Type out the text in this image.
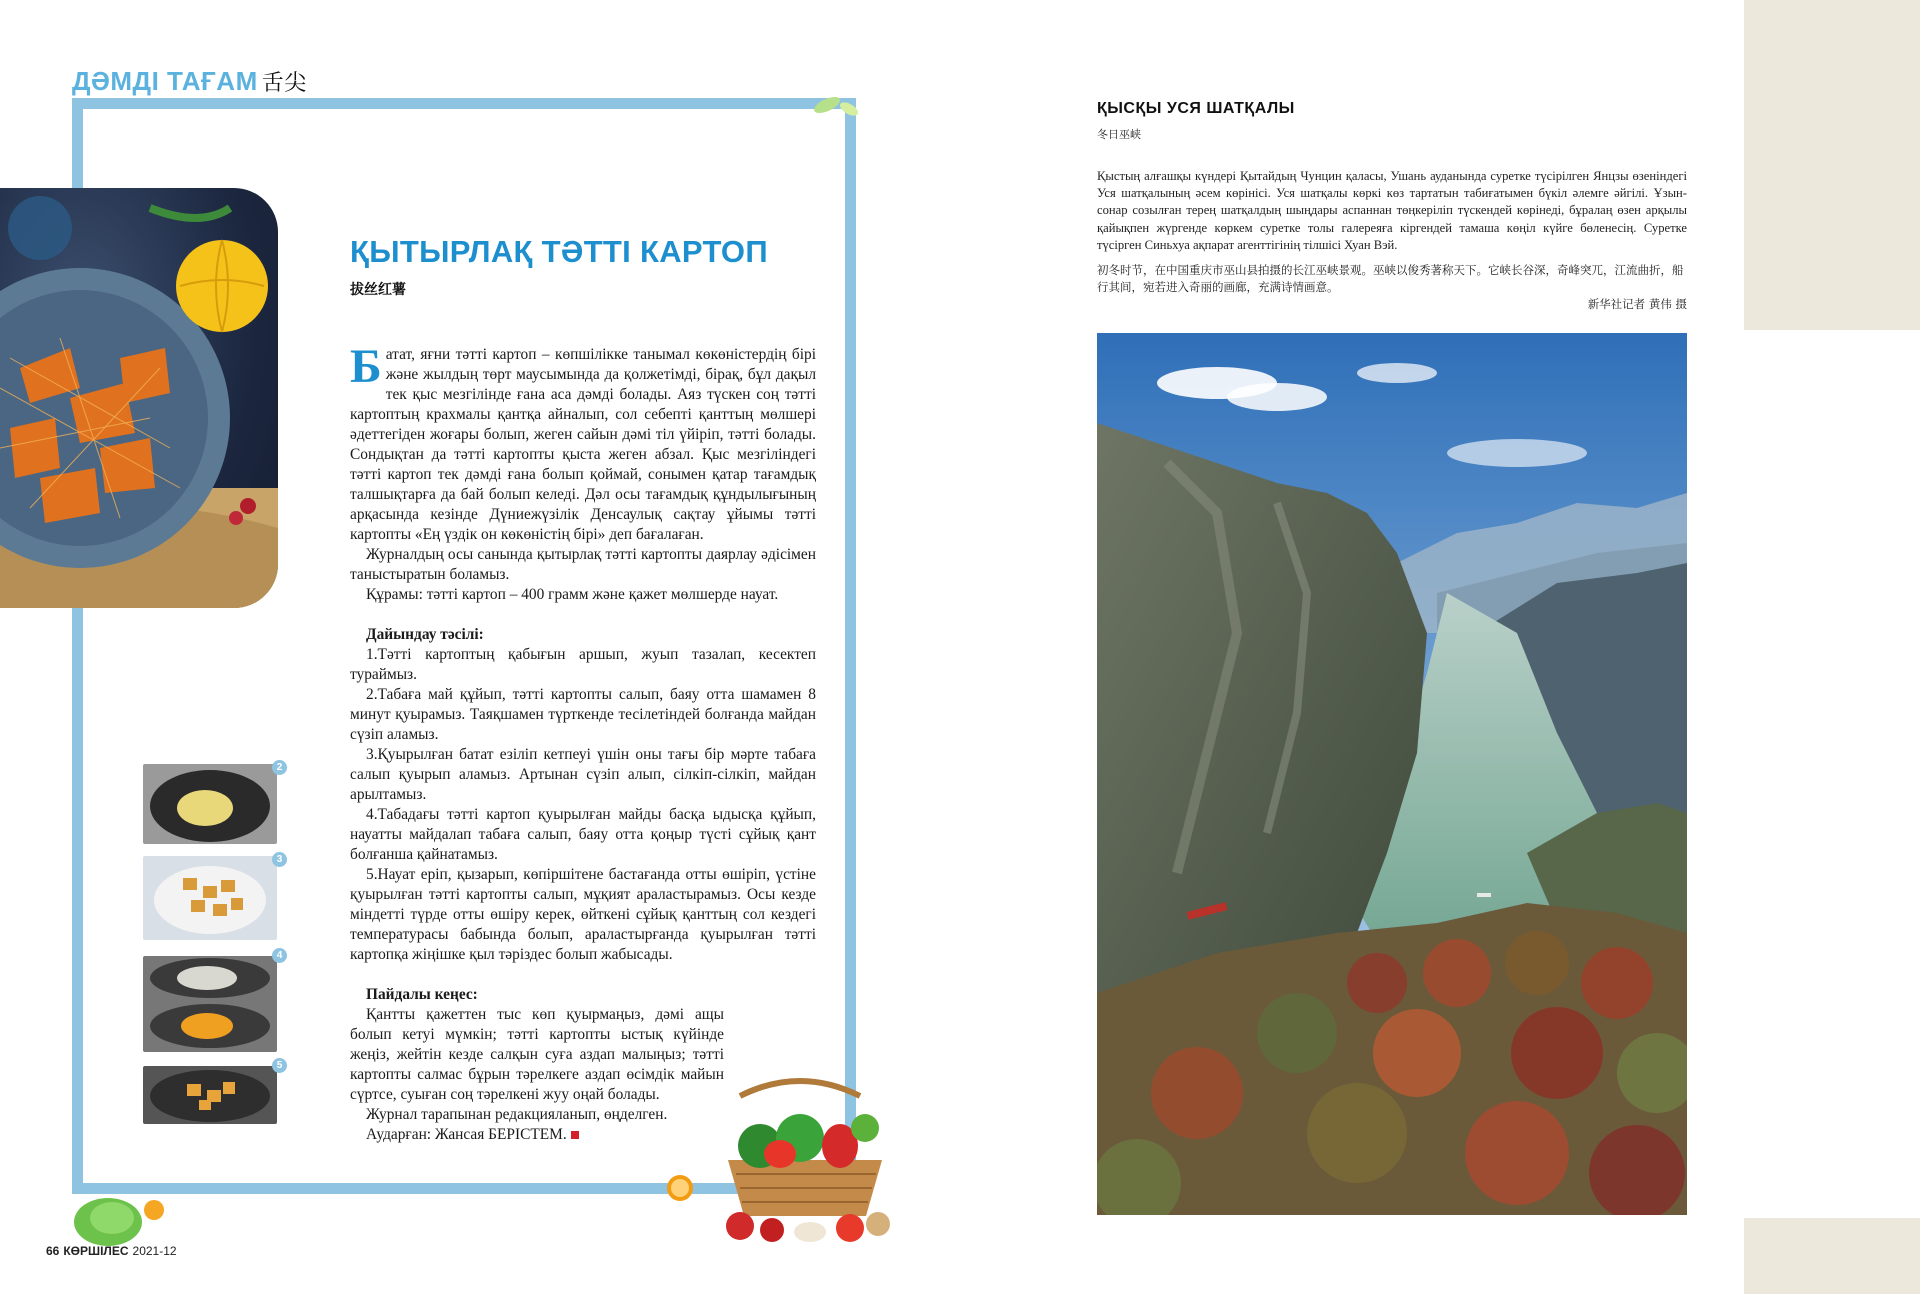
ДӘМДІ ТАҒАМ 舌尖
ҚЫТЫРЛАҚ ТӘТТІ КАРТОП
拔丝红薯

Батат, яғни тәтті картоп – көпшілікке танымал көкөністердің бірі және жылдың төрт маусымында да қолжетімді, бірақ, бұл дақыл тек қыс мезгілінде ғана аса дәмді болады. Аяз түскен соң тәтті картоптың крахмалы қантқа айналып, сол себепті қанттың мөлшері әдеттегіден жоғары болып, жеген сайын дәмі тіл үйіріп, тәтті болады. Сондықтан да тәтті картопты қыста жеген абзал. Қыс мезгіліндегі тәтті картоп тек дәмді ғана болып қоймай, сонымен қатар тағамдық талшықтарға да бай болып келеді. Дәл осы тағамдық құндылығының арқасында кезінде Дүниежүзілік Денсаулық сақтау ұйымы тәтті картопты «Ең үздік он көкөністің бірі» деп бағалаған.

Журналдың осы санында қытырлақ тәтті картопты даярлау әдісімен таныстыратын боламыз.

Құрамы: тәтті картоп – 400 грамм және қажет мөлшерде науат.

Дайындау тәсілі:

1.Тәтті картоптың қабығын аршып, жуып тазалап, кесектеп тураймыз.

2.Табаға май құйып, тәтті картопты салып, баяу отта шамамен 8 минут қуырамыз. Таяқшамен түрткенде тесілетіндей болғанда майдан сүзіп аламыз.

3.Қуырылған батат езіліп кетпеуі үшін оны тағы бір мәрте табаға салып қуырып аламыз. Артынан сүзіп алып, сілкіп-сілкіп, майдан арылтамыз.

4.Табадағы тәтті картоп қуырылған майды басқа ыдысқа құйып, науатты майдалап табаға салып, баяу отта қоңыр түсті сұйық қант болғанша қайнатамыз.

5.Науат еріп, қызарып, көпіршітене бастағанда отты өшіріп, үстіне қуырылған тәтті картопты салып, мұқият араластырамыз. Осы кезде міндетті түрде отты өшіру керек, өйткені сұйық қанттың сол кездегі температурасы бабында болып, араластырғанда қуырылған тәтті картопқа жіңішке қыл тәріздес болып жабысады.

Пайдалы кеңес:

Қантты қажеттен тыс көп қуырмаңыз, дәмі ащы болып кетуі мүмкін; тәтті картопты ыстық күйінде жеңіз, жейтін кезде салқын суға аздап малыңыз; тәтті картопты салмас бұрын тәрелкеге аздап өсімдік майын сүртсе, суыған соң тәрелкені жуу оңай болады.

Журнал тарапынан редакцияланып, өңделген.

Аударған: Жансая БЕРІСТЕМ.

2
3
4
5
66 КӨРШІЛЕС 2021-12
ҚЫСҚЫ УСЯ ШАТҚАЛЫ
冬日巫峡
Қыстың алғашқы күндері Қытайдың Чунцин қаласы, Ушань ауданында суретке түсірілген Янцзы өзеніндегі Уся шатқалының әсем көрінісі. Уся шатқалы көркі көз тартатын табиғатымен бүкіл әлемге әйгілі. Ұзын-сонар созылған терең шатқалдың шыңдары аспаннан төңкеріліп түскендей көрінеді, бұралаң өзен арқылы қайықпен жүргенде көркем суретке толы галереяға кіргендей тамаша көңіл күйге бөленесің. Суретке түсірген Синьхуа ақпарат агенттігінің тілшісі Хуан Вэй.
初冬时节，在中国重庆市巫山县拍摄的长江巫峡景观。巫峡以俊秀著称天下。它峡长谷深，奇峰突兀，江流曲折，船行其间，宛若进入奇丽的画廊，充满诗情画意。
新华社记者 黄伟 摄
